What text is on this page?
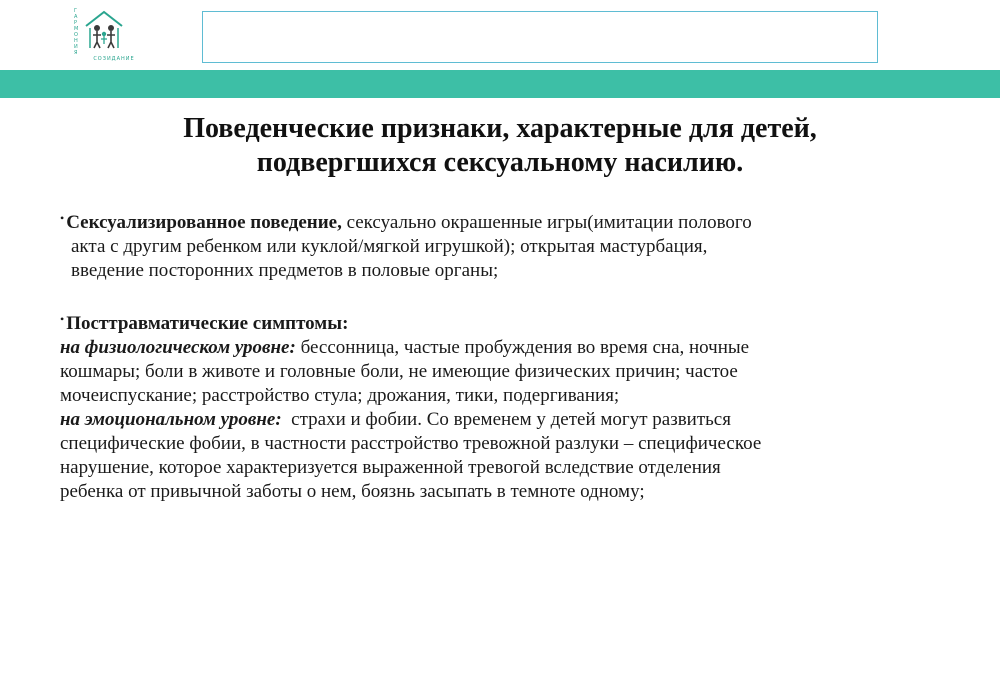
ГАРМОНИЯ
СОЗИДАНИЕ
Поведенческие признаки, характерные для детей,
подвергшихся сексуальному насилию.

• Сексуализированное поведение, сексуально окрашенные игры(имитации полового

акта с другим ребенком или куклой/мягкой игрушкой); открытая мастурбация,
введение посторонних предметов в половые органы;

• Посттравматические симптомы:

на физиологическом уровне: бессонница, частые пробуждения во время сна, ночные

кошмары; боли в животе и головные боли, не имеющие физических причин; частое

мочеиспускание; расстройство стула; дрожания, тики, подергивания;

на эмоциональном уровне:  страхи и фобии. Со временем у детей могут развиться

специфические фобии, в частности расстройство тревожной разлуки – специфическое

нарушение, которое характеризуется выраженной тревогой вследствие отделения

ребенка от привычной заботы о нем, боязнь засыпать в темноте одному;
